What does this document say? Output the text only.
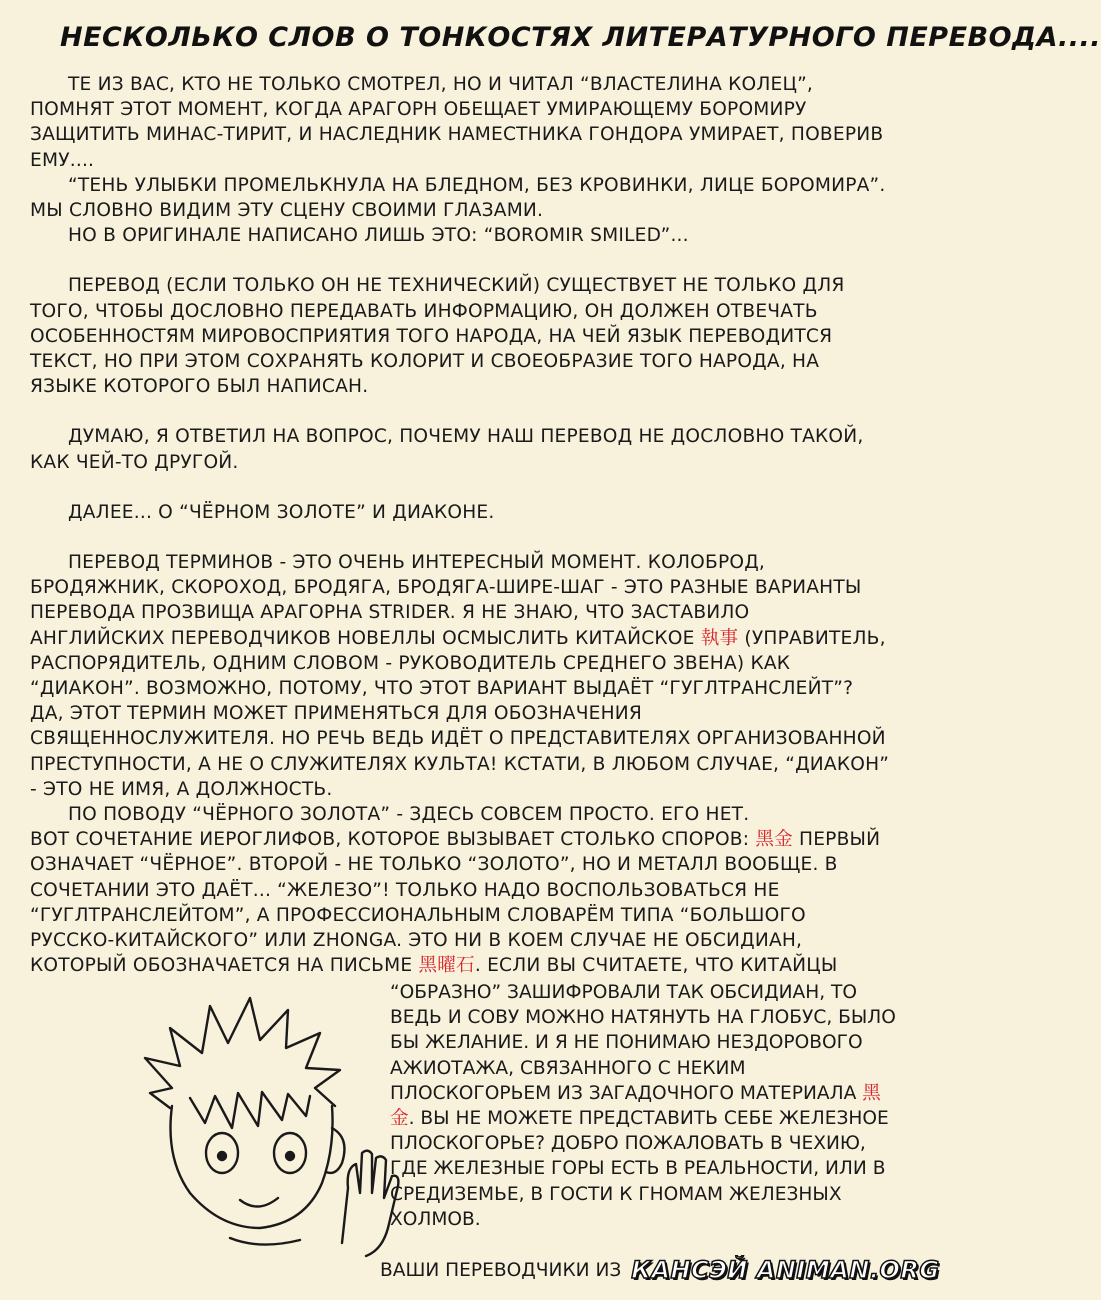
НЕСКОЛЬКО СЛОВ О ТОНКОСТЯХ ЛИТЕРАТУРНОГО ПЕРЕВОДА....

ТЕ ИЗ ВАС, КТО НЕ ТОЛЬКО СМОТРЕЛ, НО И ЧИТАЛ “ВЛАСТЕЛИНА КОЛЕЦ”, ПОМНЯТ ЭТОТ МОМЕНТ, КОГДА АРАГОРН ОБЕЩАЕТ УМИРАЮЩЕМУ БОРОМИРУ ЗАЩИТИТЬ МИНАС-ТИРИТ, И НАСЛЕДНИК НАМЕСТНИКА ГОНДОРА УМИРАЕТ, ПОВЕРИВ ЕМУ....

“ТЕНЬ УЛЫБКИ ПРОМЕЛЬКНУЛА НА БЛЕДНОМ, БЕЗ КРОВИНКИ, ЛИЦЕ БОРОМИРА”.

МЫ СЛОВНО ВИДИМ ЭТУ СЦЕНУ СВОИМИ ГЛАЗАМИ.

НО В ОРИГИНАЛЕ НАПИСАНО ЛИШЬ ЭТО: “BOROMIR SMILED”...

ПЕРЕВОД (ЕСЛИ ТОЛЬКО ОН НЕ ТЕХНИЧЕСКИЙ) СУЩЕСТВУЕТ НЕ ТОЛЬКО ДЛЯ ТОГО, ЧТОБЫ ДОСЛОВНО ПЕРЕДАВАТЬ ИНФОРМАЦИЮ, ОН ДОЛЖЕН ОТВЕЧАТЬ ОСОБЕННОСТЯМ МИРОВОСПРИЯТИЯ ТОГО НАРОДА, НА ЧЕЙ ЯЗЫК ПЕРЕВОДИТСЯ ТЕКСТ, НО ПРИ ЭТОМ СОХРАНЯТЬ КОЛОРИТ И СВОЕОБРАЗИЕ ТОГО НАРОДА, НА ЯЗЫКЕ КОТОРОГО БЫЛ НАПИСАН.

ДУМАЮ, Я ОТВЕТИЛ НА ВОПРОС, ПОЧЕМУ НАШ ПЕРЕВОД НЕ ДОСЛОВНО ТАКОЙ, КАК ЧЕЙ-ТО ДРУГОЙ.

ДАЛЕЕ... О “ЧЁРНОМ ЗОЛОТЕ” И ДИАКОНЕ.

ПЕРЕВОД ТЕРМИНОВ - ЭТО ОЧЕНЬ ИНТЕРЕСНЫЙ МОМЕНТ. КОЛОБРОД, БРОДЯЖНИК, СКОРОХОД, БРОДЯГА, БРОДЯГА-ШИРЕ-ШАГ - ЭТО РАЗНЫЕ ВАРИАНТЫ ПЕРЕВОДА ПРОЗВИЩА АРАГОРНА STRIDER. Я НЕ ЗНАЮ, ЧТО ЗАСТАВИЛО АНГЛИЙСКИХ ПЕРЕВОДЧИКОВ НОВЕЛЛЫ ОСМЫСЛИТЬ КИТАЙСКОЕ 執事 (УПРАВИТЕЛЬ, РАСПОРЯДИТЕЛЬ, ОДНИМ СЛОВОМ - РУКОВОДИТЕЛЬ СРЕДНЕГО ЗВЕНА) КАК “ДИАКОН”. ВОЗМОЖНО, ПОТОМУ, ЧТО ЭТОТ ВАРИАНТ ВЫДАЁТ “ГУГЛТРАНСЛЕЙТ”? ДА, ЭТОТ ТЕРМИН МОЖЕТ ПРИМЕНЯТЬСЯ ДЛЯ ОБОЗНАЧЕНИЯ СВЯЩЕННОСЛУЖИТЕЛЯ. НО РЕЧЬ ВЕДЬ ИДЁТ О ПРЕДСТАВИТЕЛЯХ ОРГАНИЗОВАННОЙ ПРЕСТУПНОСТИ, А НЕ О СЛУЖИТЕЛЯХ КУЛЬТА! КСТАТИ, В ЛЮБОМ СЛУЧАЕ, “ДИАКОН” - ЭТО НЕ ИМЯ, А ДОЛЖНОСТЬ.

ПО ПОВОДУ “ЧЁРНОГО ЗОЛОТА” - ЗДЕСЬ СОВСЕМ ПРОСТО. ЕГО НЕТ.

ВОТ СОЧЕТАНИЕ ИЕРОГЛИФОВ, КОТОРОЕ ВЫЗЫВАЕТ СТОЛЬКО СПОРОВ: 黑金 ПЕРВЫЙ ОЗНАЧАЕТ “ЧЁРНОЕ”. ВТОРОЙ - НЕ ТОЛЬКО “ЗОЛОТО”, НО И МЕТАЛЛ ВООБЩЕ. В СОЧЕТАНИИ ЭТО ДАЁТ... “ЖЕЛЕЗО”! ТОЛЬКО НАДО ВОСПОЛЬЗОВАТЬСЯ НЕ “ГУГЛТРАНСЛЕЙТОМ”, А ПРОФЕССИОНАЛЬНЫМ СЛОВАРЁМ ТИПА “БОЛЬШОГО РУССКО-КИТАЙСКОГО” ИЛИ ZHONGA. ЭТО НИ В КОЕМ СЛУЧАЕ НЕ ОБСИДИАН, КОТОРЫЙ ОБОЗНАЧАЕТСЯ НА ПИСЬМЕ 黑曜石. ЕСЛИ ВЫ СЧИТАЕТЕ, ЧТО КИТАЙЦЫ

“ОБРАЗНО” ЗАШИФРОВАЛИ ТАК ОБСИДИАН, ТО ВЕДЬ И СОВУ МОЖНО НАТЯНУТЬ НА ГЛОБУС, БЫЛО БЫ ЖЕЛАНИЕ. И Я НЕ ПОНИМАЮ НЕЗДОРОВОГО АЖИОТАЖА, СВЯЗАННОГО С НЕКИМ ПЛОСКОГОРЬЕМ ИЗ ЗАГАДОЧНОГО МАТЕРИАЛА 黑金. ВЫ НЕ МОЖЕТЕ ПРЕДСТАВИТЬ СЕБЕ ЖЕЛЕЗНОЕ ПЛОСКОГОРЬЕ? ДОБРО ПОЖАЛОВАТЬ В ЧЕХИЮ, ГДЕ ЖЕЛЕЗНЫЕ ГОРЫ ЕСТЬ В РЕАЛЬНОСТИ, ИЛИ В СРЕДИЗЕМЬЕ, В ГОСТИ К ГНОМАМ ЖЕЛЕЗНЫХ ХОЛМОВ.
ВАШИ ПЕРЕВОДЧИКИ ИЗ КАНСЭЙ ANIMAN.ORG
